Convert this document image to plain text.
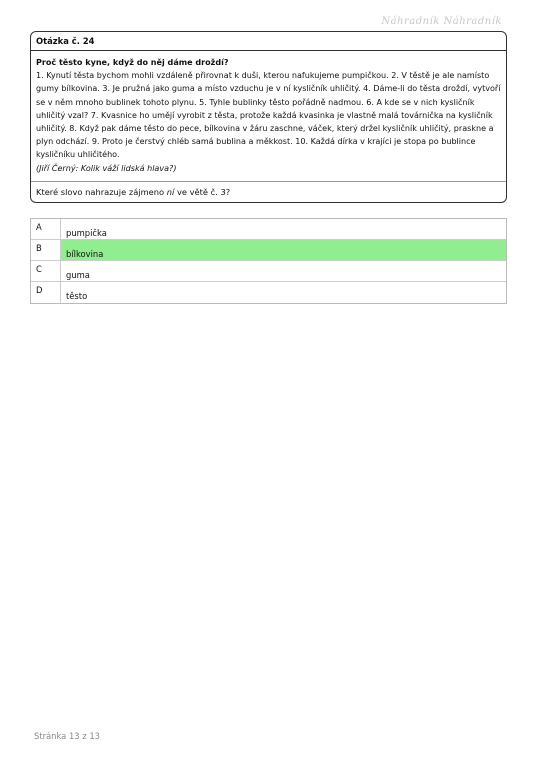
Náhradník Náhradník
Otázka č. 24
Proč těsto kyne, když do něj dáme droždí?
1. Kynutí těsta bychom mohli vzdáleně přirovnat k duši, kterou nafukujeme pumpičkou. 2. V těstě je ale namísto gumy bílkovina. 3. Je pružná jako guma a místo vzduchu je v ní kysličník uhličitý. 4. Dáme-li do těsta droždí, vytvoří se v něm mnoho bublinek tohoto plynu. 5. Tyhle bublinky těsto pořádně nadmou. 6. A kde se v nich kysličník uhličitý vzal? 7. Kvasnice ho umějí vyrobit z těsta, protože každá kvasinka je vlastně malá továrnička na kysličník uhličitý. 8. Když pak dáme těsto do pece, bílkovina v žáru zaschne, váček, který držel kysličník uhličitý, praskne a plyn odchází. 9. Proto je čerstvý chléb samá bublina a měkkost. 10. Každá dírka v krajíci je stopa po bublince kysličníku uhličitého.
(Jiří Černý: Kolik váží lidská hlava?)
Které slovo nahrazuje zájmeno ní ve větě č. 3?
A
pumpička
B
bílkovina
C
guma
D
těsto
Stránka 13 z 13
